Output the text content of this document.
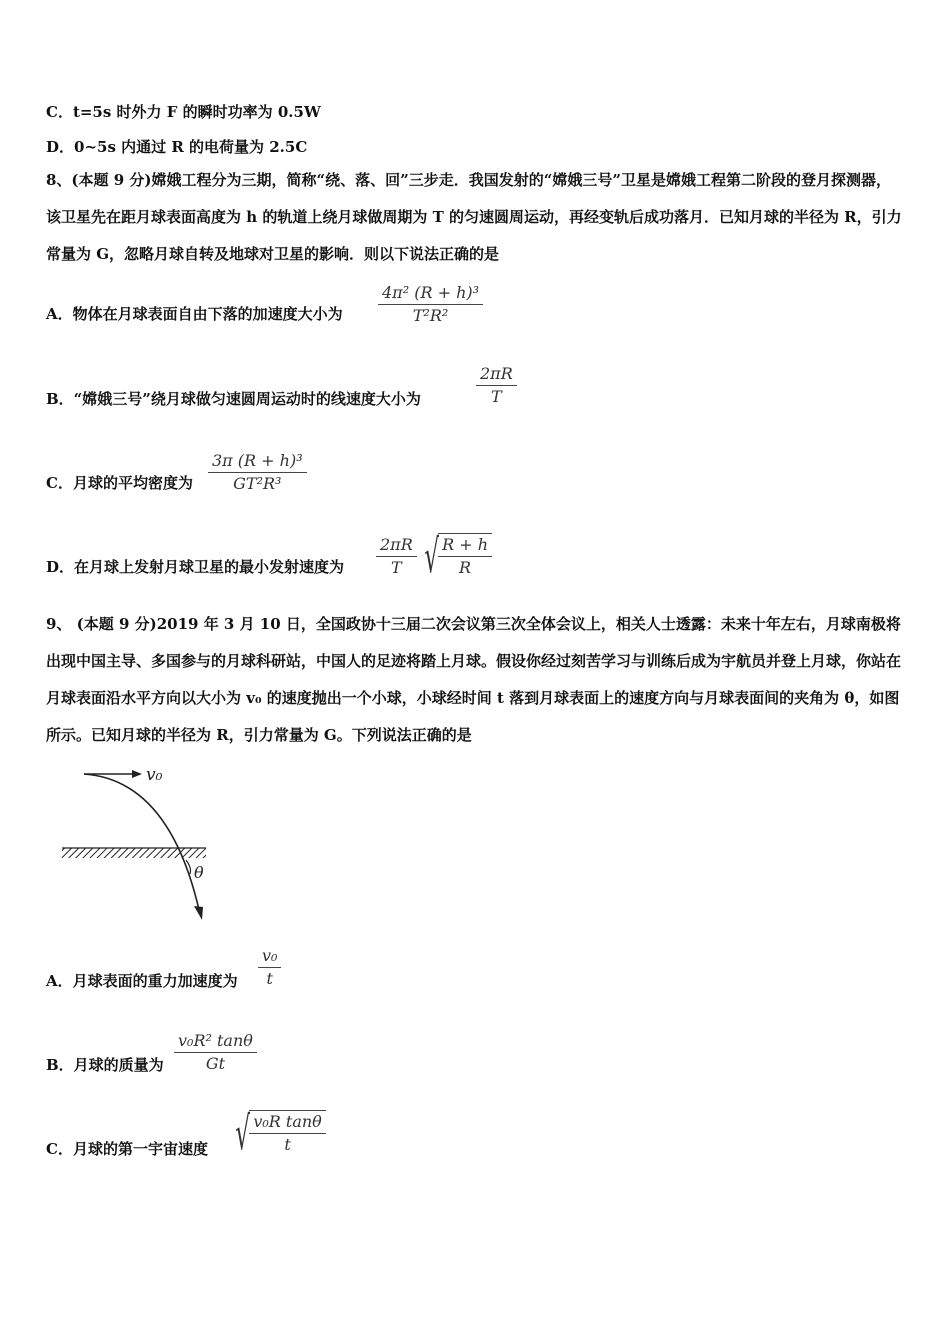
C．t=5s 时外力 F 的瞬时功率为 0.5W
D．0~5s 内通过 R 的电荷量为 2.5C
8、(本题 9 分)嫦娥工程分为三期，简称“绕、落、回”三步走．我国发射的“嫦娥三号”卫星是嫦娥工程第二阶段的登月探测器，该卫星先在距月球表面高度为 h 的轨道上绕月球做周期为 T 的匀速圆周运动，再经变轨后成功落月．已知月球的半径为 R，引力常量为 G，忽略月球自转及地球对卫星的影响．则以下说法正确的是
A．物体在月球表面自由下落的加速度大小为 $\frac{\text{4π² (R + h)³}}{\text{T²R²}}$
B．“嫦娥三号”绕月球做匀速圆周运动时的线速度大小为	$\frac{2\pi R}{T}$
C．月球的平均密度为 $\frac{\text{3π (R + h)³}}{\text{GT²R³}}$
D．在月球上发射月球卫星的最小发射速度为 $\frac{2\pi R}{T}$ √ $\frac{R + h}{R}$
9、 (本题 9 分)2019 年 3 月 10 日，全国政协十三届二次会议第三次全体会议上，相关人士透露：未来十年左右，月球南极将出现中国主导、多国参与的月球科研站，中国人的足迹将踏上月球。假设你经过刻苦学习与训练后成为宇航员并登上月球，你站在月球表面沿水平方向以大小为 v₀ 的速度抛出一个小球，小球经时间 t 落到月球表面上的速度方向与月球表面间的夹角为 θ，如图所示。已知月球的半径为 R，引力常量为 G。下列说法正确的是
v₀
θ
A．月球表面的重力加速度为 $\frac{\text{v₀}}{t}$
B．月球的质量为 $\frac{\text{v₀R² tanθ}}{Gt}$
C．月球的第一宇宙速度 √ $\frac{\text{v₀R tanθ}}{t}$
